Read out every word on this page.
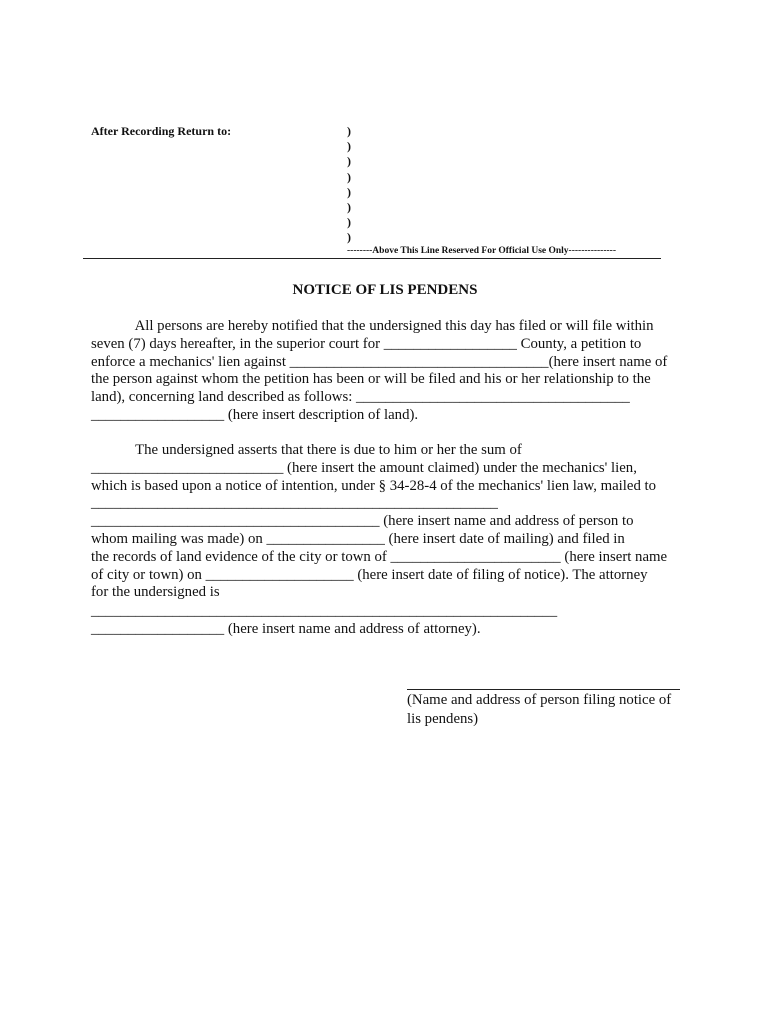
After Recording Return to:	)
)
)
)
)
)
)
)
--------Above This Line Reserved For Official Use Only---------------
NOTICE OF LIS PENDENS
All persons are hereby notified that the undersigned this day has filed or will file within
seven (7) days hereafter, in the superior court for __________________ County, a petition to
enforce a mechanics' lien against ___________________________________(here insert name of
the person against whom the petition has been or will be filed and his or her relationship to the
land), concerning land described as follows: _____________________________________
__________________ (here insert description of land).
The undersigned asserts that there is due to him or her the sum of
__________________________ (here insert the amount claimed) under the mechanics' lien,
which is based upon a notice of intention, under § 34-28-4 of the mechanics' lien law, mailed to
_______________________________________________________
_______________________________________ (here insert name and address of person to
whom mailing was made) on ________________ (here insert date of mailing) and filed in
the records of land evidence of the city or town of _______________________ (here insert name
of city or town) on ____________________ (here insert date of filing of notice). The attorney
for the undersigned is
_______________________________________________________________
__________________ (here insert name and address of attorney).
(Name and address of person filing notice of
lis pendens)
